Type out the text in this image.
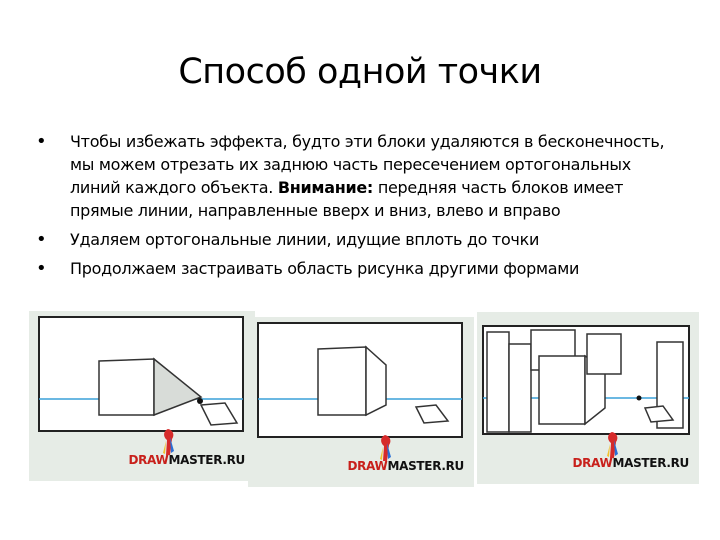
Способ одной точки
• Чтобы избежать эффекта, будто эти блоки удаляются в бесконечность, мы можем отрезать их заднюю часть пересечением ортогональных линий каждого объекта. Внимание: передняя часть блоков имеет прямые линии, направленные вверх и вниз, влево и вправо
• Удаляем ортогональные линии, идущие вплоть до точки
• Продолжаем застраивать область рисунка другими формами
DRAWMASTER.RU	DRAWMASTER.RU	DRAWMASTER.RU
